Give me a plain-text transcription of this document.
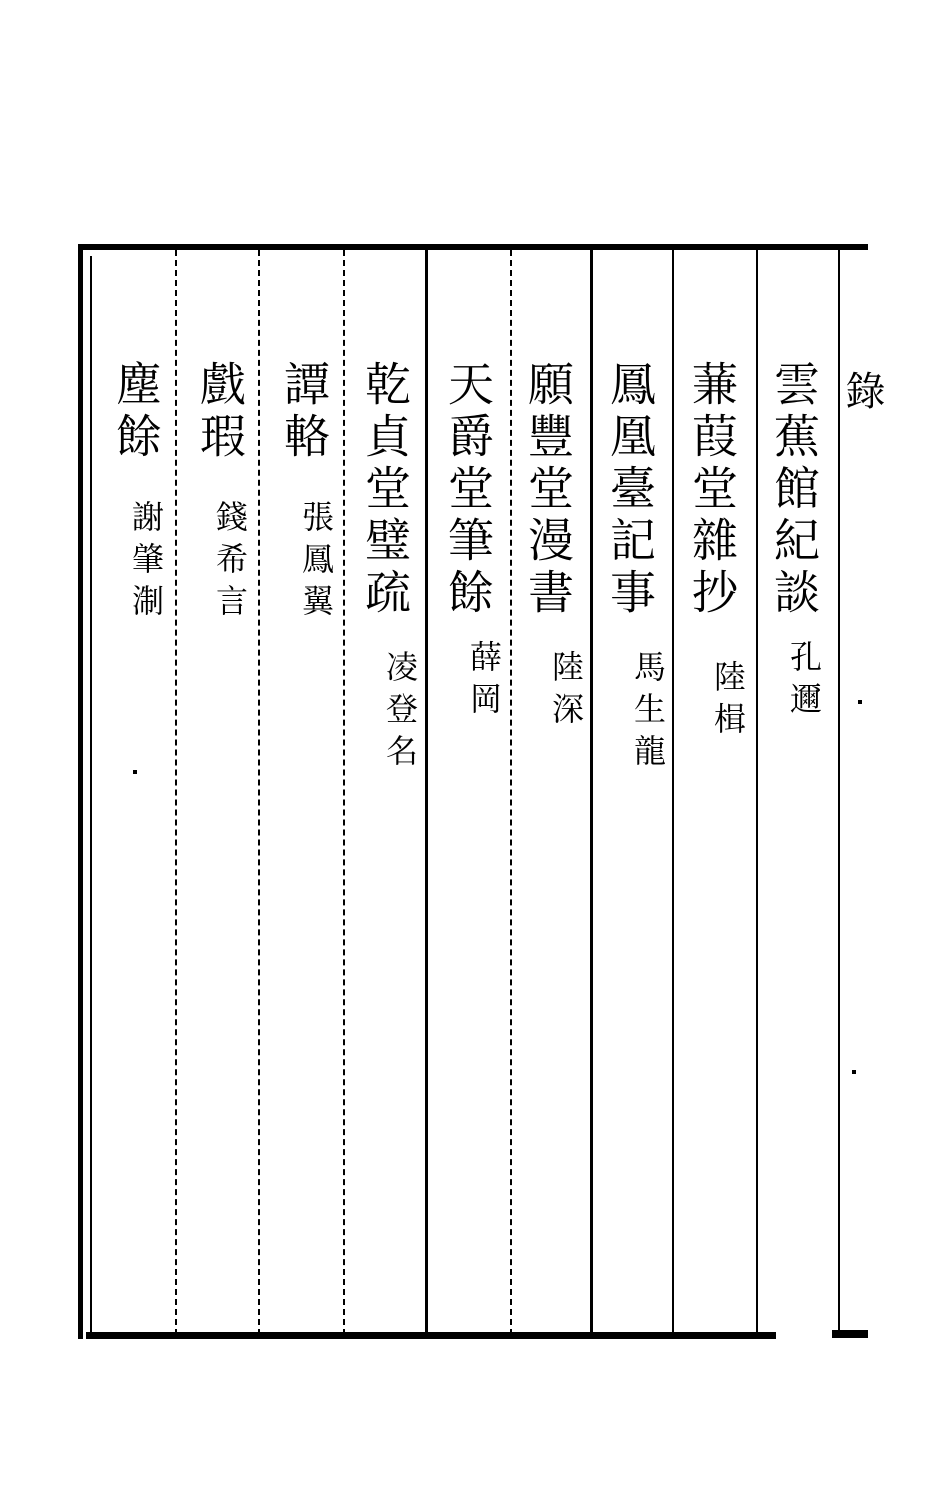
錄
雲蕉館紀談
孔邇
蒹葭堂雜抄
陸楫
鳳凰臺記事
馬生龍
願豐堂漫書
陸深
天爵堂筆餘
薛岡
乾貞堂璧疏
凌登名
譚輅
張鳳翼
戲瑕
錢希言
塵餘
謝肇淛
